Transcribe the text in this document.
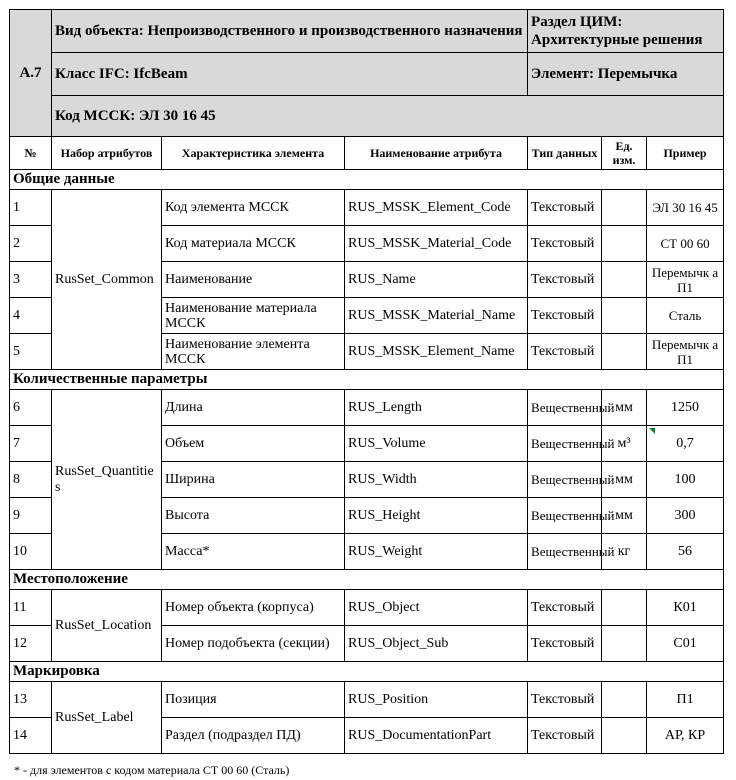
А.7	Вид объекта: Непроизводственного и производственного назначения			Раздел ЦИМ: Архитектурные решения		
	Класс IFC: IfcBeam			Элемент: Перемычка		
	Код МССК: ЭЛ 30 16 45					
№	Набор атрибутов	Характеристика элемента	Наименование атрибута	Тип данных	Ед. изм.	Пример
Общие данные						
1	RusSet_Common	Код элемента МССК	RUS_MSSK_Element_Code	Текстовый		ЭЛ 30 16 45
2		Код материала МССК	RUS_MSSK_Material_Code	Текстовый		СТ 00 60
3		Наименование	RUS_Name	Текстовый		Перемычк а П1
4		Наименование материала МССК	RUS_MSSK_Material_Name	Текстовый		Сталь
5		Наименование элемента МССК	RUS_MSSK_Element_Name	Текстовый		Перемычк а П1
Количественные параметры						
6	RusSet_Quantities	Длина	RUS_Length	Вещественный	мм	1250
7		Объем	RUS_Volume	Вещественный	м³	0,7
8		Ширина	RUS_Width	Вещественный	мм	100
9		Высота	RUS_Height	Вещественный	мм	300
10		Масса*	RUS_Weight	Вещественный	кг	56
Местоположение						
11	RusSet_Location	Номер объекта (корпуса)	RUS_Object	Текстовый		К01
12		Номер подобъекта (секции)	RUS_Object_Sub	Текстовый		С01
Маркировка						
13	RusSet_Label	Позиция	RUS_Position	Текстовый		П1
14		Раздел (подраздел ПД)	RUS_DocumentationPart	Текстовый		АР, КР
* - для элементов с кодом материала СТ 00 60 (Сталь)
